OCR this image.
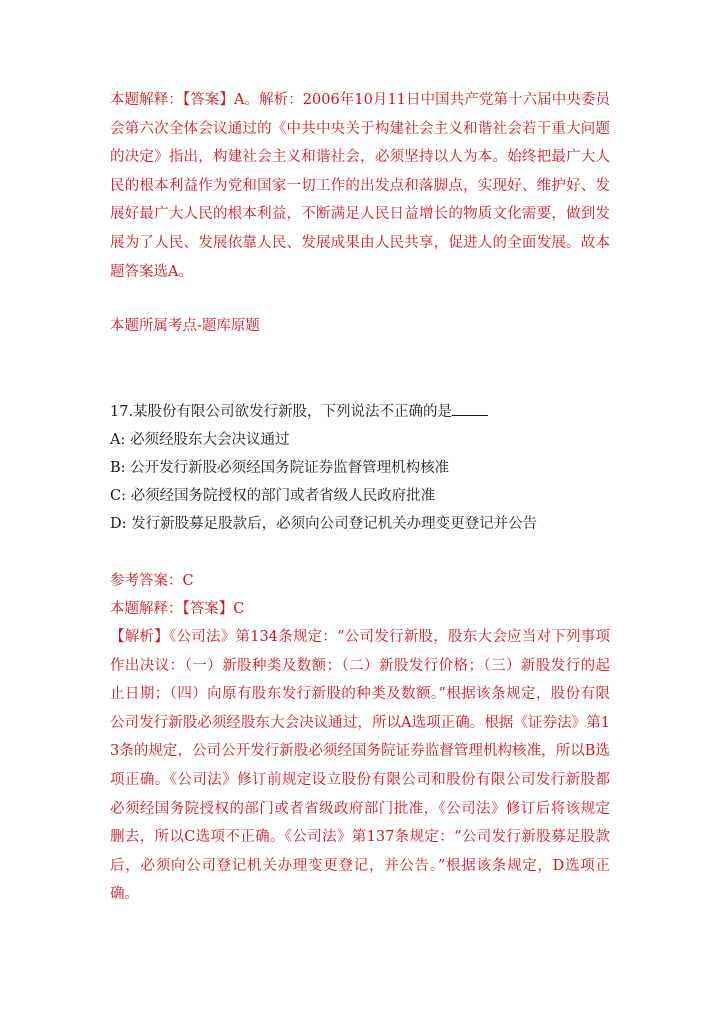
本题解释：【答案】A。解析：2006年10月11日中国共产党第十六届中央委员会第六次全体会议通过的《中共中央关于构建社会主义和谐社会若干重大问题的决定》指出，构建社会主义和谐社会，必须坚持以人为本。始终把最广大人民的根本利益作为党和国家一切工作的出发点和落脚点，实现好、维护好、发展好最广大人民的根本利益，不断满足人民日益增长的物质文化需要，做到发展为了人民、发展依靠人民、发展成果由人民共享，促进人的全面发展。故本题答案选A。

本题所属考点-题库原题

17.某股份有限公司欲发行新股，下列说法不正确的是

A: 必须经股东大会决议通过

B: 公开发行新股必须经国务院证券监督管理机构核准

C: 必须经国务院授权的部门或者省级人民政府批准

D: 发行新股募足股款后，必须向公司登记机关办理变更登记并公告

参考答案：C

本题解释：【答案】C

【解析】《公司法》第134条规定：“公司发行新股，股东大会应当对下列事项作出决议：（一）新股种类及数额；（二）新股发行价格；（三）新股发行的起止日期；（四）向原有股东发行新股的种类及数额。”根据该条规定，股份有限公司发行新股必须经股东大会决议通过，所以A选项正确。根据《证券法》第13条的规定，公司公开发行新股必须经国务院证券监督管理机构核准，所以B选项正确。《公司法》修订前规定设立股份有限公司和股份有限公司发行新股都必须经国务院授权的部门或者省级政府部门批准，《公司法》修订后将该规定删去，所以C选项不正确。《公司法》第137条规定：“公司发行新股募足股款后，必须向公司登记机关办理变更登记，并公告。”根据该条规定，D选项正确。
